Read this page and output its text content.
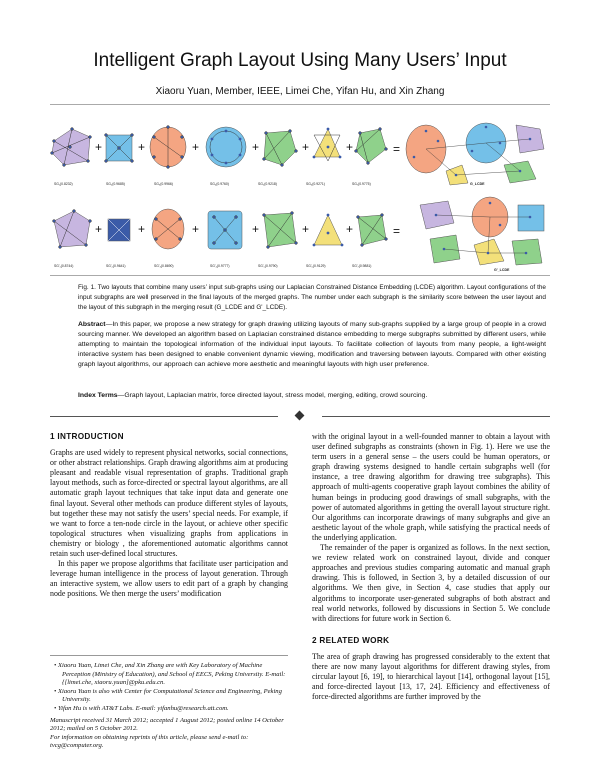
Intelligent Graph Layout Using Many Users’ Input
Xiaoru Yuan, Member, IEEE, Limei Che, Yifan Hu, and Xin Zhang
+	+	+	+	+	+	=
G_LCDE
SG₁(0.8232)	SG₂(0.9685)	SG₃(0.9966)	SG₄(0.9760)	SG₅(0.9218)	SG₆(0.9271)	SG₇(0.9775)
+	+	+	+	+	+	=
G'_LCDE
SG'₁(0.8744)	SG'₂(0.9641)	SG'₃(0.8690)	SG'₄(0.9777)	SG'₅(0.9790)	SG'₆(0.9129)	SG'₇(0.9881)
Fig. 1. Two layouts that combine many users’ input sub-graphs using our Laplacian Constrained Distance Embedding (LCDE) algorithm. Layout configurations of the input subgraphs are well preserved in the final layouts of the merged graphs. The number under each subgraph is the similarity score between the user layout and the layout of this subgraph in the merging result (G_LCDE and G'_LCDE).
Abstract—In this paper, we propose a new strategy for graph drawing utilizing layouts of many sub-graphs supplied by a large group of people in a crowd sourcing manner. We developed an algorithm based on Laplacian constrained distance embedding to merge subgraphs submitted by different users, while attempting to maintain the topological information of the individual input layouts. To facilitate collection of layouts from many people, a light-weight interactive system has been designed to enable convenient dynamic viewing, modification and traversing between layouts. Compared with other existing graph layout algorithms, our approach can achieve more aesthetic and meaningful layouts with high user preference.
Index Terms—Graph layout, Laplacian matrix, force directed layout, stress model, merging, editing, crowd sourcing.
1 INTRODUCTION

Graphs are used widely to represent physical networks, social connections, or other abstract relationships. Graph drawing algorithms aim at producing pleasant and readable visual representation of graphs. Traditional graph layout methods, such as force-directed or spectral layout algorithms, are all automatic graph layout techniques that take input data and generate one final layout. Several other methods can produce different styles of layouts, but together these may not satisfy the users’ special needs. For example, if we want to force a ten-node circle in the layout, or achieve other specific topological structures when visualizing graphs from applications in chemistry or biology , the aforementioned automatic algorithms cannot retain such user-defined local structures.

In this paper we propose algorithms that facilitate user participation and leverage human intelligence in the process of layout generation. Through an interactive system, we allow users to edit part of a graph by changing node positions. We then merge the users’ modification

• Xiaoru Yuan, Limei Che, and Xin Zhang are with Key Laboratory of Machine Perception (Ministry of Education), and School of EECS, Peking University. E-mail: {[limei.che, xiaoru.yuan]@pku.edu.cn.
• Xiaoru Yuan is also with Center for Computational Science and Engineering, Peking University.
• Yifan Hu is with AT&T Labs. E-mail: yifanhu@research.att.com.
Manuscript received 31 March 2012; accepted 1 August 2012; posted online 14 October 2012; mailed on 5 October 2012.
For information on obtaining reprints of this article, please send e-mail to: tvcg@computer.org.

with the original layout in a well-founded manner to obtain a layout with user defined subgraphs as constraints (shown in Fig. 1). Here we use the term users in a general sense – the users could be human operators, or graph drawing systems designed to handle certain subgraphs well (for instance, a tree drawing algorithm for drawing tree subgraphs). This approach of multi-agents cooperative graph layout combines the ability of human beings in producing good drawings of small subgraphs, with the power of automated algorithms in getting the overall layout structure right. Our algorithms can incorporate drawings of many subgraphs and give an aesthetic layout of the whole graph, while satisfying the practical needs of the underlying application.

The remainder of the paper is organized as follows. In the next section, we review related work on constrained layout, divide and conquer approaches and previous studies comparing automatic and manual graph drawing. This is followed, in Section 3, by a detailed discussion of our algorithms. We then give, in Section 4, case studies that apply our algorithms to incorporate user-generated subgraphs of both abstract and real world networks, followed by discussions in Section 5. We conclude with directions for future work in Section 6.

2 RELATED WORK

The area of graph drawing has progressed considerably to the extent that there are now many layout algorithms for different drawing styles, from circular layout [6, 19], to hierarchical layout [14], orthogonal layout [15], and force-directed layout [13, 17, 24]. Efficiency and effectiveness of force-directed algorithms are further improved by the
